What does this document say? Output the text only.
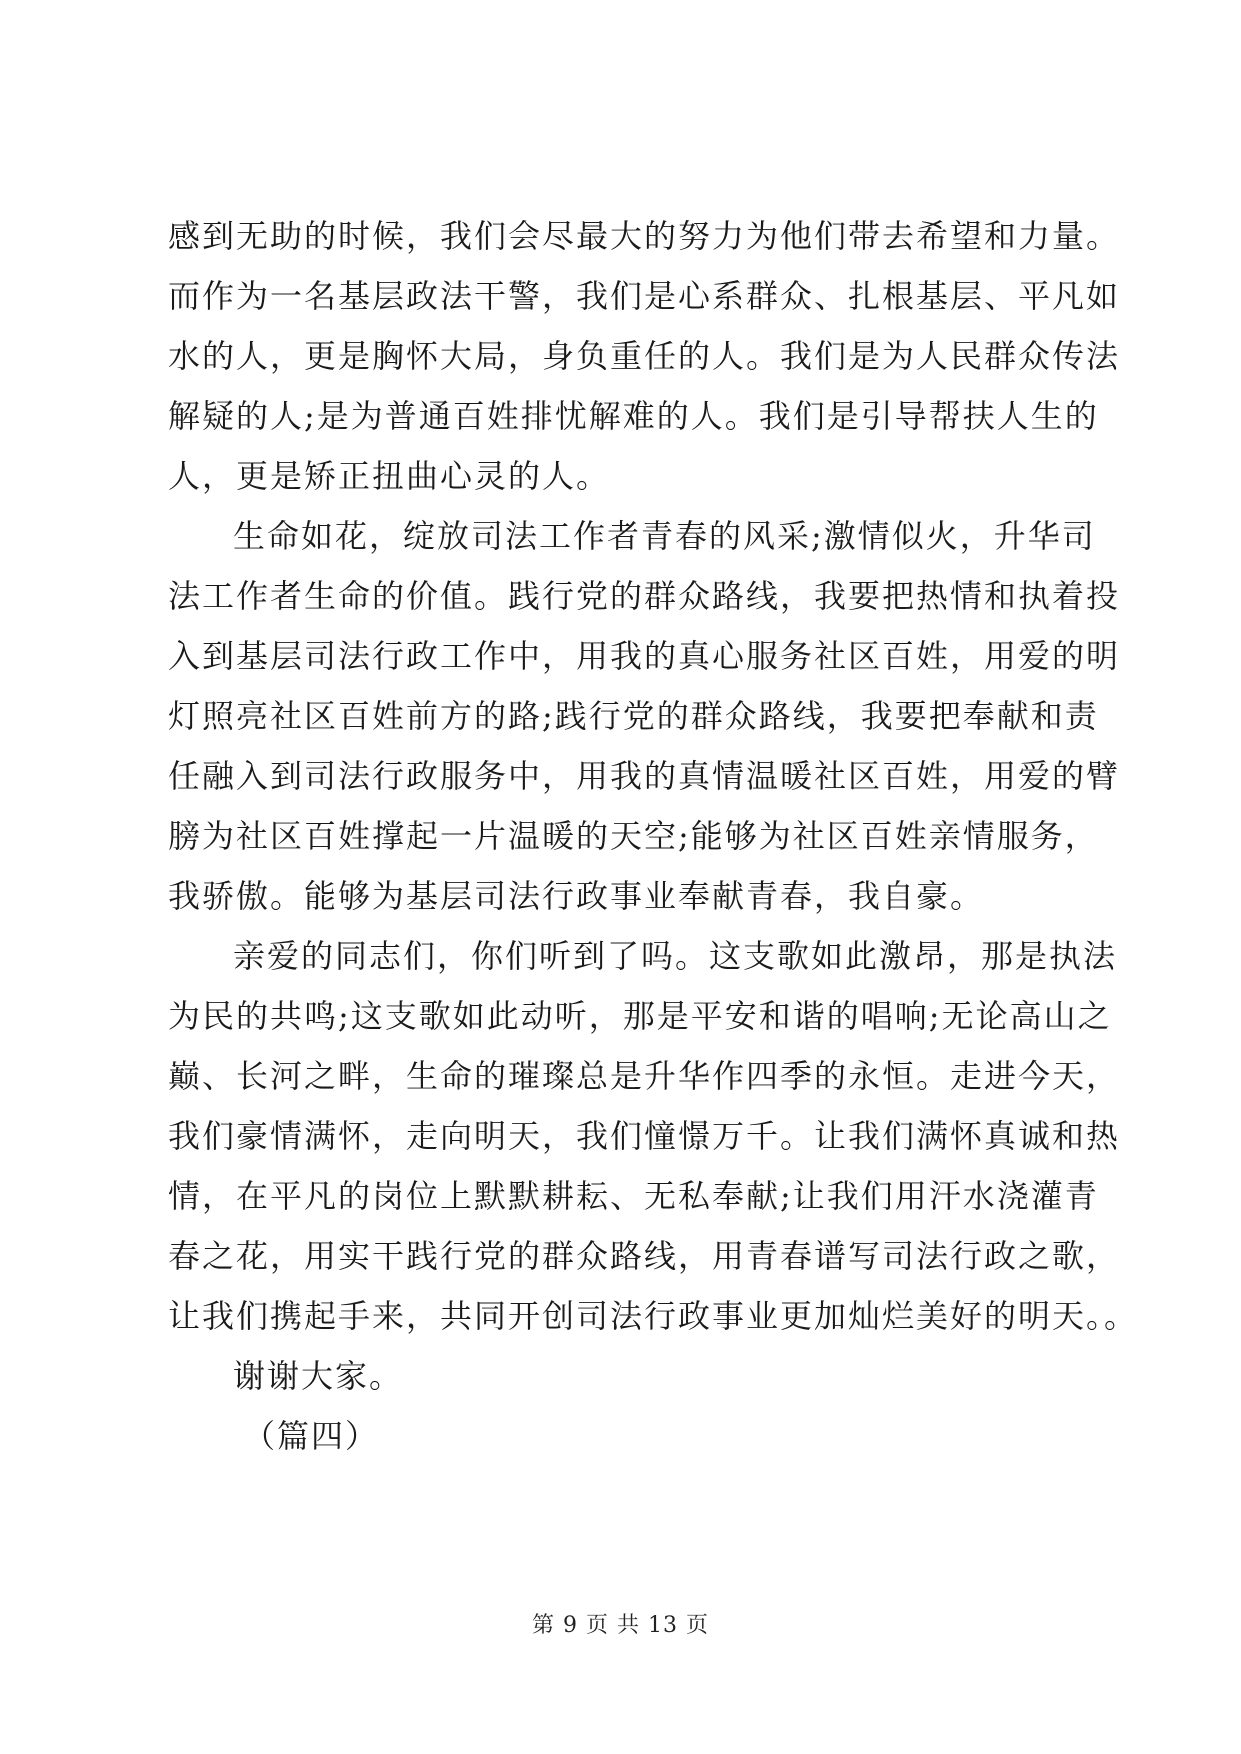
感到无助的时候，我们会尽最大的努力为他们带去希望和力量。
而作为一名基层政法干警，我们是心系群众、扎根基层、平凡如
水的人，更是胸怀大局，身负重任的人。我们是为人民群众传法
解疑的人;是为普通百姓排忧解难的人。我们是引导帮扶人生的
人，更是矫正扭曲心灵的人。
生命如花，绽放司法工作者青春的风采;激情似火，升华司
法工作者生命的价值。践行党的群众路线，我要把热情和执着投
入到基层司法行政工作中，用我的真心服务社区百姓，用爱的明
灯照亮社区百姓前方的路;践行党的群众路线，我要把奉献和责
任融入到司法行政服务中，用我的真情温暖社区百姓，用爱的臂
膀为社区百姓撑起一片温暖的天空;能够为社区百姓亲情服务，
我骄傲。能够为基层司法行政事业奉献青春，我自豪。
亲爱的同志们，你们听到了吗。这支歌如此激昂，那是执法
为民的共鸣;这支歌如此动听，那是平安和谐的唱响;无论高山之
巅、长河之畔，生命的璀璨总是升华作四季的永恒。走进今天，
我们豪情满怀，走向明天，我们憧憬万千。让我们满怀真诚和热
情，在平凡的岗位上默默耕耘、无私奉献;让我们用汗水浇灌青
春之花，用实干践行党的群众路线，用青春谱写司法行政之歌，
让我们携起手来，共同开创司法行政事业更加灿烂美好的明天。。
谢谢大家。
（篇四）
第 9 页 共 13 页
